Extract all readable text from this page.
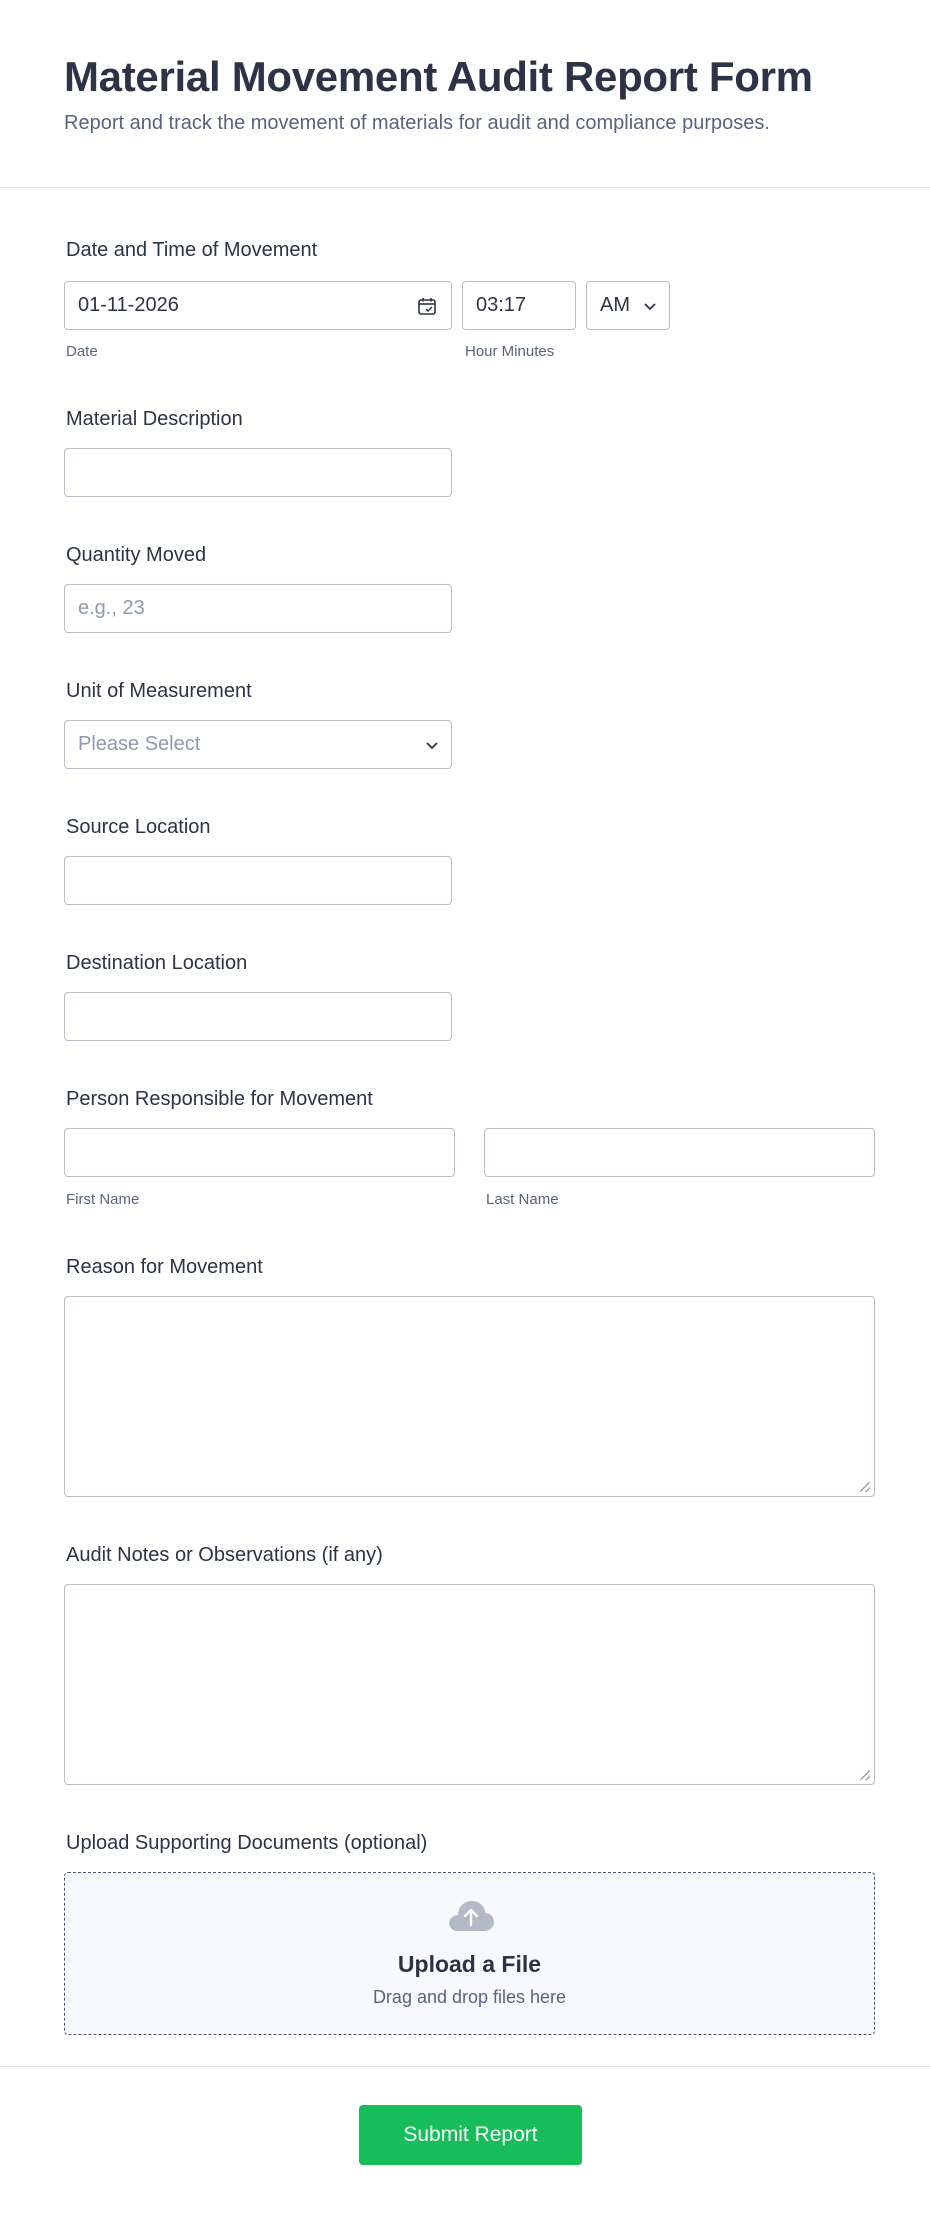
Material Movement Audit Report Form

Report and track the movement of materials for audit and compliance purposes.

Date and Time of Movement
01-11-2026	03:17	AM
Date	Hour Minutes
Material Description
Quantity Moved
e.g., 23
Unit of Measurement
Please Select
Source Location
Destination Location
Person Responsible for Movement
First Name	Last Name
Reason for Movement
Audit Notes or Observations (if any)
Upload Supporting Documents (optional)
Upload a File
Drag and drop files here
Submit Report
